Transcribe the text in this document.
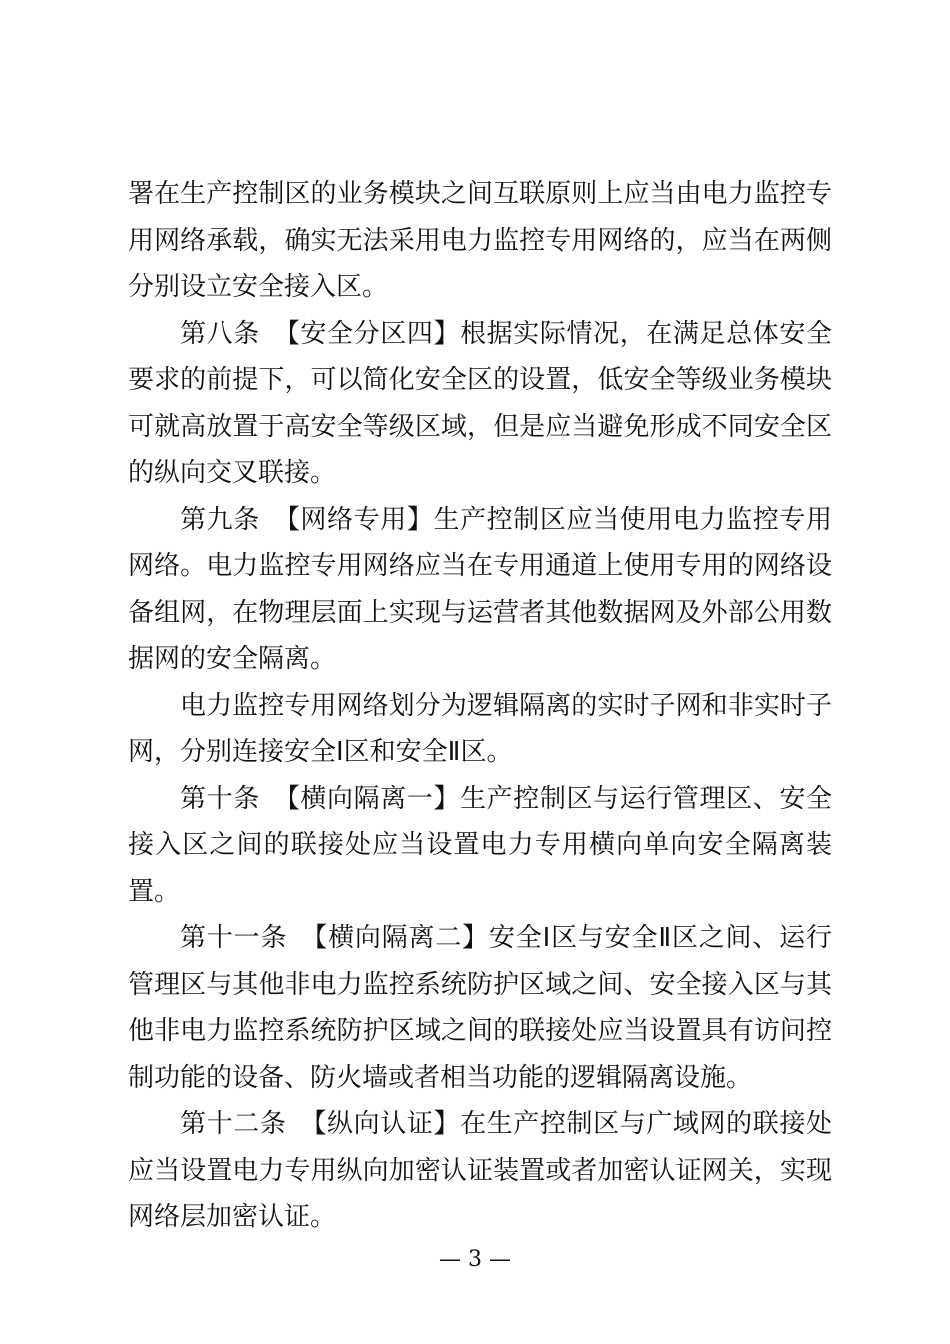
署在生产控制区的业务模块之间互联原则上应当由电力监控专用网络承载，确实无法采用电力监控专用网络的，应当在两侧分别设立安全接入区。

第八条 【安全分区四】根据实际情况，在满足总体安全要求的前提下，可以简化安全区的设置，低安全等级业务模块可就高放置于高安全等级区域，但是应当避免形成不同安全区的纵向交叉联接。

第九条 【网络专用】生产控制区应当使用电力监控专用网络。电力监控专用网络应当在专用通道上使用专用的网络设备组网，在物理层面上实现与运营者其他数据网及外部公用数据网的安全隔离。

电力监控专用网络划分为逻辑隔离的实时子网和非实时子网，分别连接安全Ⅰ区和安全Ⅱ区。

第十条 【横向隔离一】生产控制区与运行管理区、安全接入区之间的联接处应当设置电力专用横向单向安全隔离装置。

第十一条 【横向隔离二】安全Ⅰ区与安全Ⅱ区之间、运行管理区与其他非电力监控系统防护区域之间、安全接入区与其他非电力监控系统防护区域之间的联接处应当设置具有访问控制功能的设备、防火墙或者相当功能的逻辑隔离设施。

第十二条 【纵向认证】在生产控制区与广域网的联接处应当设置电力专用纵向加密认证装置或者加密认证网关，实现网络层加密认证。

— 3 —
